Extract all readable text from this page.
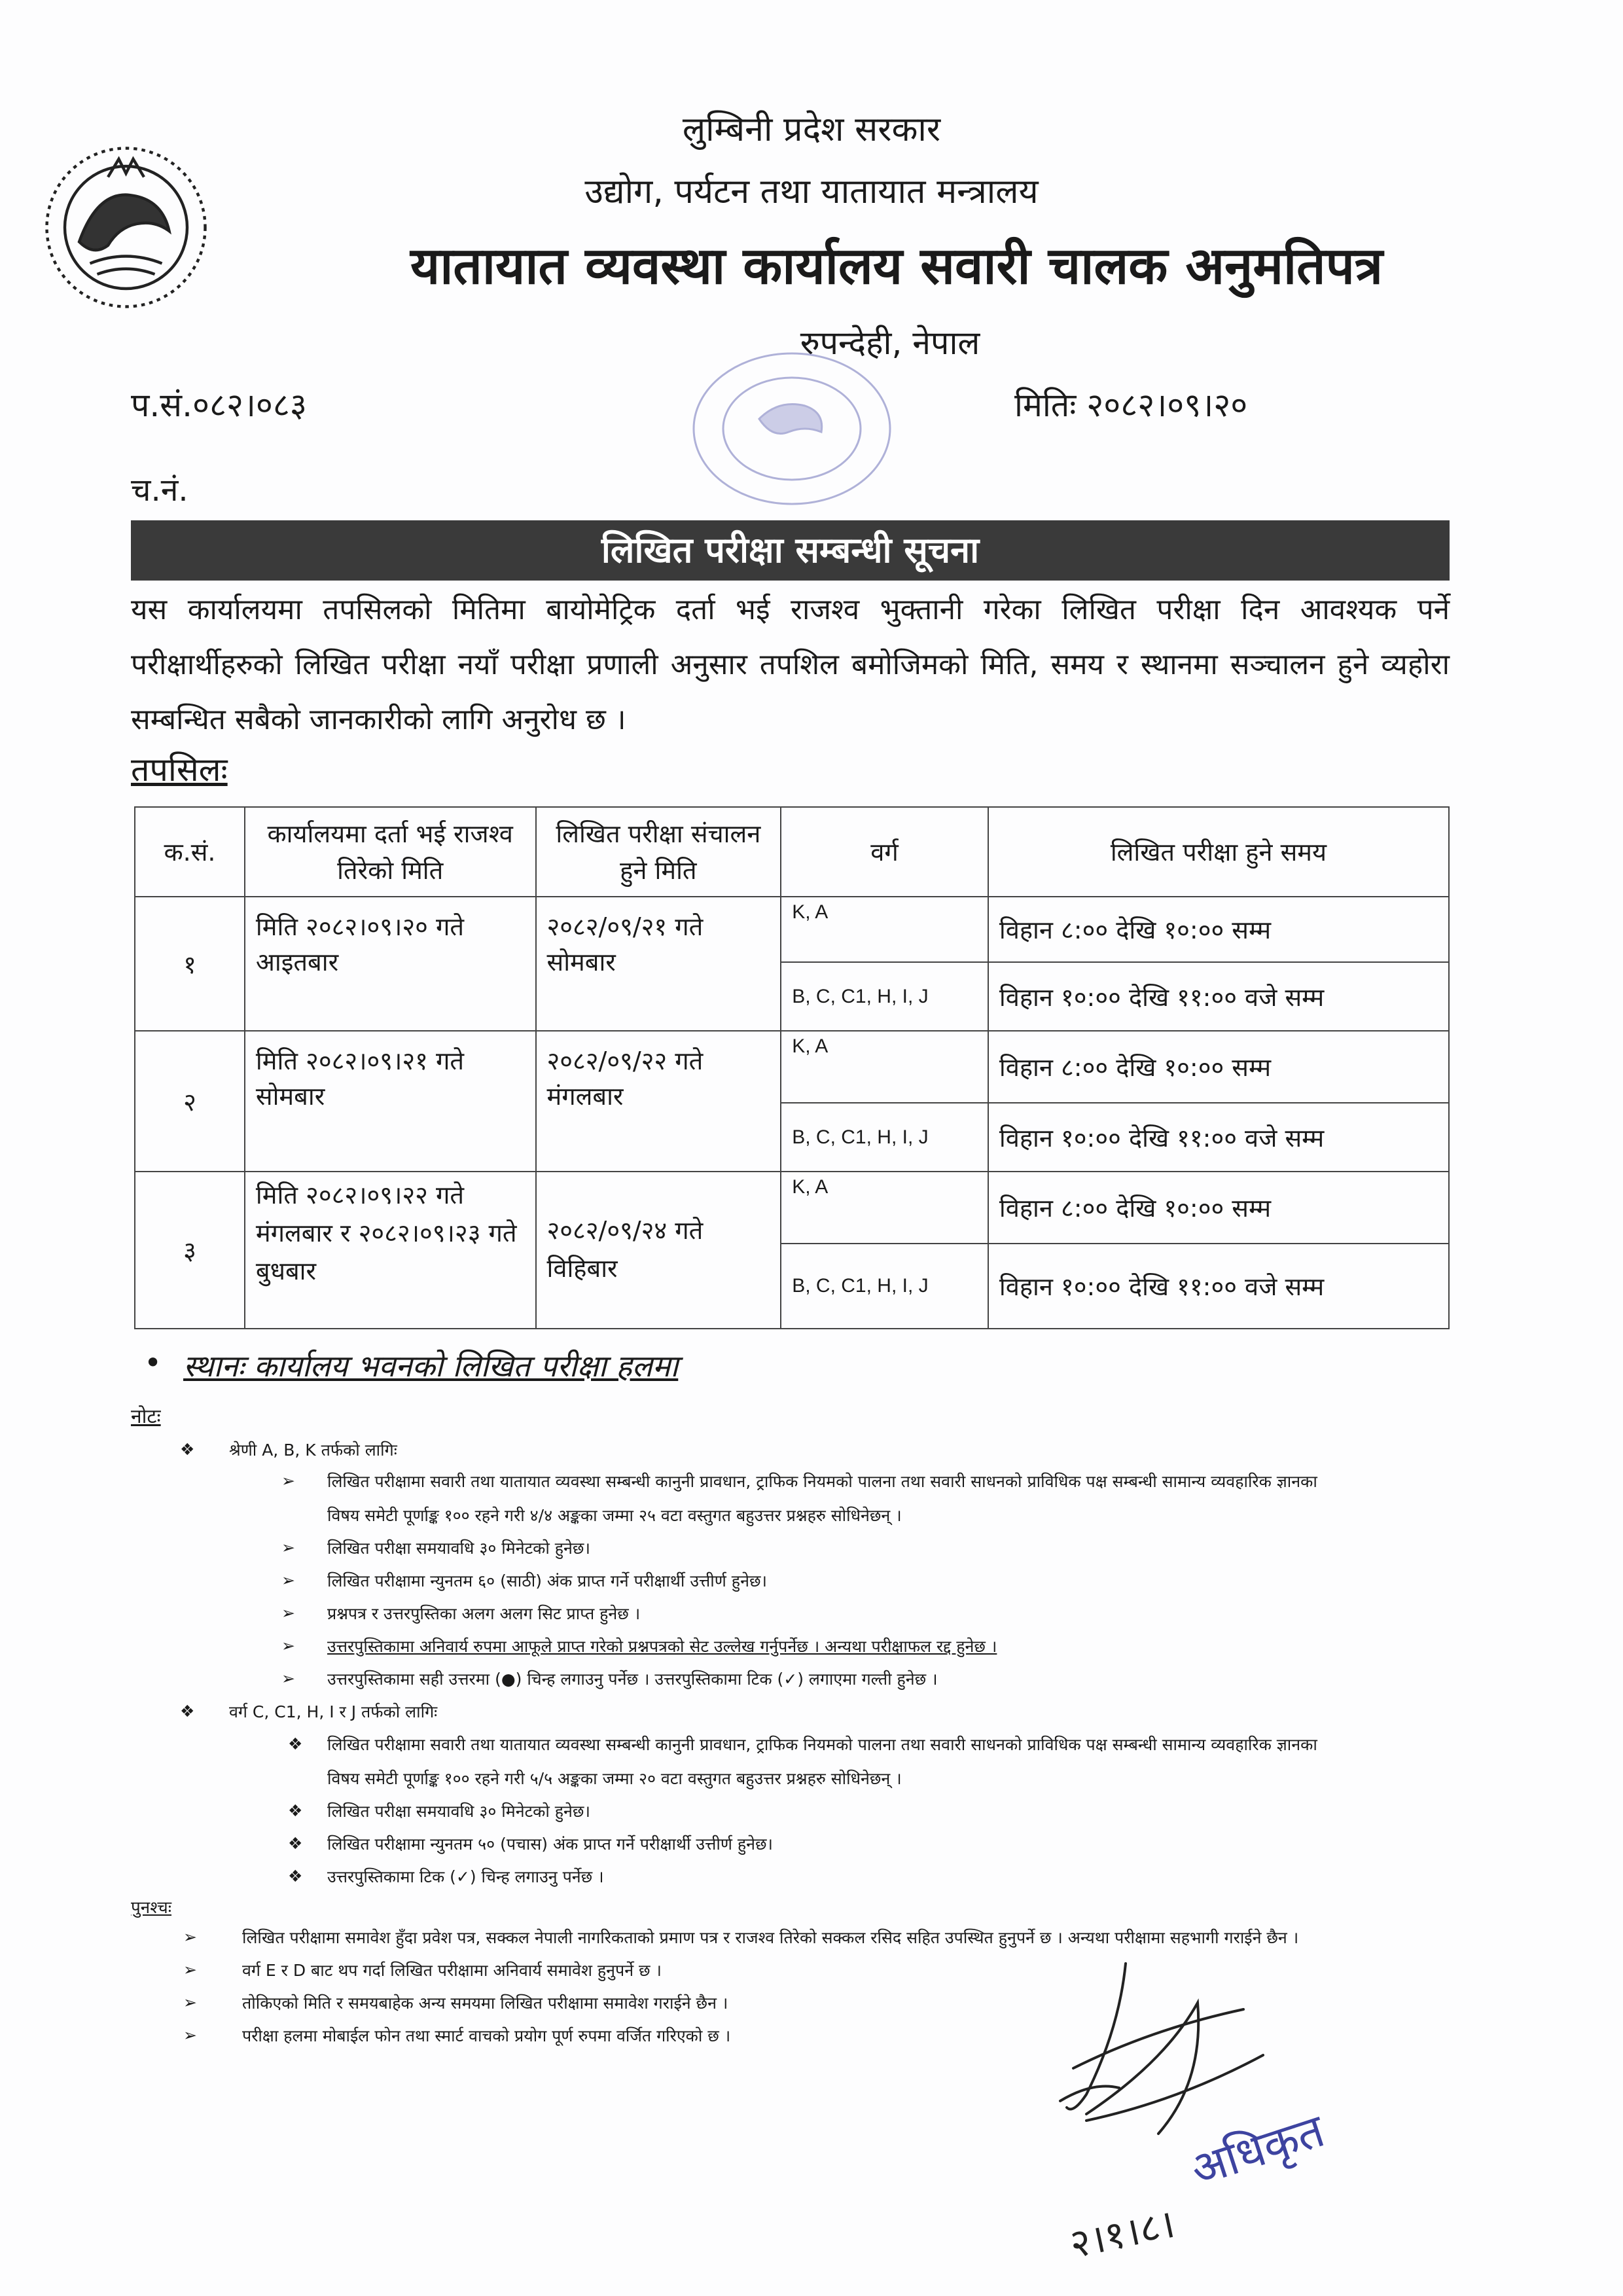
लुम्बिनी प्रदेश सरकार
उद्योग, पर्यटन तथा यातायात मन्त्रालय
यातायात व्यवस्था कार्यालय सवारी चालक अनुमतिपत्र
रुपन्देही, नेपाल
प.सं.०८२।०८३	मितिः २०८२।०९।२०
च.नं.
लिखित परीक्षा सम्बन्धी सूचना
यस कार्यालयमा तपसिलको मितिमा बायोमेट्रिक दर्ता भई राजश्व भुक्तानी गरेका लिखित परीक्षा दिन आवश्यक पर्ने परीक्षार्थीहरुको लिखित परीक्षा नयाँ परीक्षा प्रणाली अनुसार तपशिल बमोजिमको मिति, समय र स्थानमा सञ्चालन हुने व्यहोरा सम्बन्धित सबैको जानकारीको लागि अनुरोध छ ।
तपसिलः
क.सं.	कार्यालयमा दर्ता भई राजश्व तिरेको मिति	लिखित परीक्षा संचालन हुने मिति	वर्ग	लिखित परीक्षा हुने समय
१	मिति २०८२।०९।२० गते आइतबार	२०८२/०९/२१ गते सोमबार	K, A	विहान ८:०० देखि १०:०० सम्म
			B, C, C1, H, I, J	विहान १०:०० देखि ११:०० वजे सम्म
२	मिति २०८२।०९।२१ गते सोमबार	२०८२/०९/२२ गते मंगलबार	K, A	विहान ८:०० देखि १०:०० सम्म
			B, C, C1, H, I, J	विहान १०:०० देखि ११:०० वजे सम्म
३	मिति २०८२।०९।२२ गते मंगलबार र २०८२।०९।२३ गते बुधबार	२०८२/०९/२४ गते विहिबार	K, A	विहान ८:०० देखि १०:०० सम्म
			B, C, C1, H, I, J	विहान १०:०० देखि ११:०० वजे सम्म
• स्थानः कार्यालय भवनको लिखित परीक्षा हलमा
नोटः
❖ श्रेणी A, B, K तर्फको लागिः
➢ लिखित परीक्षामा सवारी तथा यातायात व्यवस्था सम्बन्धी कानुनी प्रावधान, ट्राफिक नियमको पालना तथा सवारी साधनको प्राविधिक पक्ष सम्बन्धी सामान्य व्यवहारिक ज्ञानका
विषय समेटी पूर्णाङ्क १०० रहने गरी ४/४ अङ्कका जम्मा २५ वटा वस्तुगत बहुउत्तर प्रश्नहरु सोधिनेछन् ।
➢ लिखित परीक्षा समयावधि ३० मिनेटको हुनेछ।
➢ लिखित परीक्षामा न्युनतम ६० (साठी) अंक प्राप्त गर्ने परीक्षार्थी उत्तीर्ण हुनेछ।
➢ प्रश्नपत्र र उत्तरपुस्तिका अलग अलग सिट प्राप्त हुनेछ ।
➢ उत्तरपुस्तिकामा अनिवार्य रुपमा आफूले प्राप्त गरेको प्रश्नपत्रको सेट उल्लेख गर्नुपर्नेछ । अन्यथा परीक्षाफल रद्द हुनेछ ।
➢ उत्तरपुस्तिकामा सही उत्तरमा (●) चिन्ह लगाउनु पर्नेछ । उत्तरपुस्तिकामा टिक (✓) लगाएमा गल्ती हुनेछ ।
❖ वर्ग C, C1, H, I र J तर्फको लागिः
❖ लिखित परीक्षामा सवारी तथा यातायात व्यवस्था सम्बन्धी कानुनी प्रावधान, ट्राफिक नियमको पालना तथा सवारी साधनको प्राविधिक पक्ष सम्बन्धी सामान्य व्यवहारिक ज्ञानका
विषय समेटी पूर्णाङ्क १०० रहने गरी ५/५ अङ्कका जम्मा २० वटा वस्तुगत बहुउत्तर प्रश्नहरु सोधिनेछन् ।
❖ लिखित परीक्षा समयावधि ३० मिनेटको हुनेछ।
❖ लिखित परीक्षामा न्युनतम ५० (पचास) अंक प्राप्त गर्ने परीक्षार्थी उत्तीर्ण हुनेछ।
❖ उत्तरपुस्तिकामा टिक (✓) चिन्ह लगाउनु पर्नेछ ।
पुनश्चः
➢	लिखित परीक्षामा समावेश हुँदा प्रवेश पत्र, सक्कल नेपाली नागरिकताको प्रमाण पत्र र राजश्व तिरेको सक्कल रसिद सहित उपस्थित हुनुपर्ने छ । अन्यथा परीक्षामा सहभागी गराईने छैन ।
➢	वर्ग E र D बाट थप गर्दा लिखित परीक्षामा अनिवार्य समावेश हुनुपर्ने छ ।
➢	तोकिएको मिति र समयबाहेक अन्य समयमा लिखित परीक्षामा समावेश गराईने छैन ।
➢	परीक्षा हलमा मोबाईल फोन तथा स्मार्ट वाचको प्रयोग पूर्ण रुपमा वर्जित गरिएको छ ।
अधिकृत
२।१।८।
